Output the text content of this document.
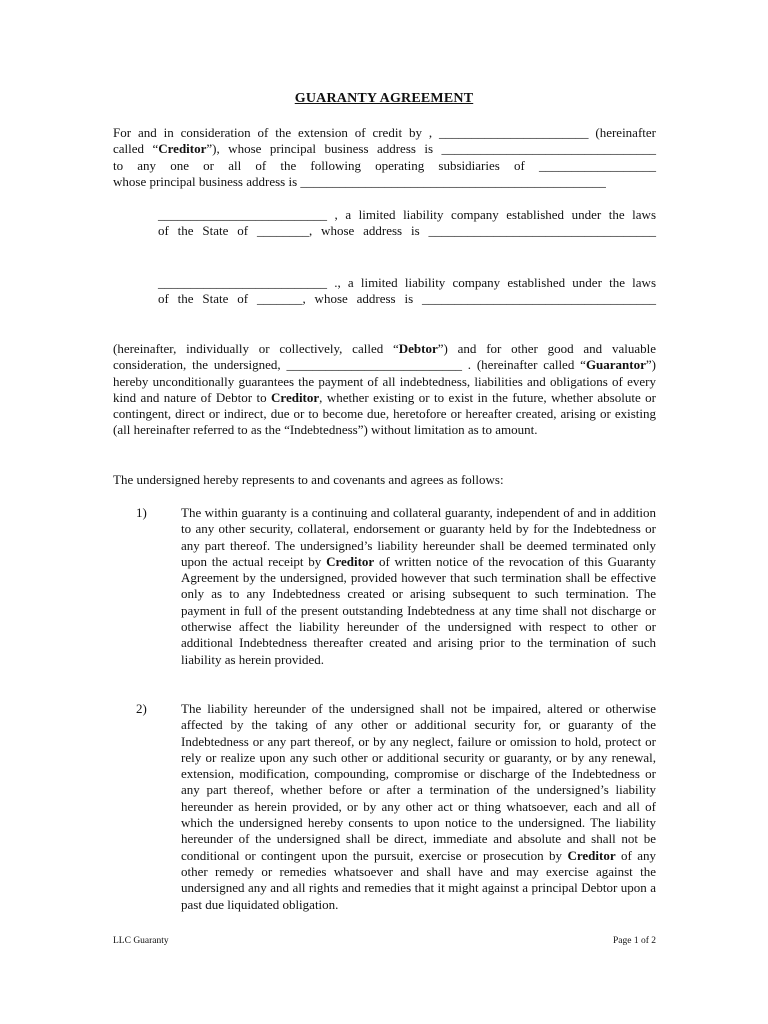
GUARANTY AGREEMENT
For and in consideration of the extension of credit by , _______________________ (hereinafter
called “Creditor”), whose principal business address is _________________________________
to any one or all of the following operating subsidiaries of __________________
whose principal business address is _______________________________________________
__________________________ , a limited liability company established under the laws
of the State of ________, whose address is ___________________________________
__________________________ ., a limited liability company established under the laws
of the State of _______, whose address is ____________________________________
(hereinafter, individually or collectively, called “Debtor”) and for other good and valuable consideration, the undersigned, ___________________________ . (hereinafter called “Guarantor”) hereby unconditionally guarantees the payment of all indebtedness, liabilities and obligations of every kind and nature of Debtor to Creditor, whether existing or to exist in the future, whether absolute or contingent, direct or indirect, due or to become due, heretofore or hereafter created, arising or existing (all hereinafter referred to as the “Indebtedness”) without limitation as to amount.
The undersigned hereby represents to and covenants and agrees as follows:
1)	The within guaranty is a continuing and collateral guaranty, independent of and in addition to any other security, collateral, endorsement or guaranty held by for the Indebtedness or any part thereof. The undersigned’s liability hereunder shall be deemed terminated only upon the actual receipt by Creditor of written notice of the revocation of this Guaranty Agreement by the undersigned, provided however that such termination shall be effective only as to any Indebtedness created or arising subsequent to such termination. The payment in full of the present outstanding Indebtedness at any time shall not discharge or otherwise affect the liability hereunder of the undersigned with respect to other or additional Indebtedness thereafter created and arising prior to the termination of such liability as herein provided.
2)	The liability hereunder of the undersigned shall not be impaired, altered or otherwise affected by the taking of any other or additional security for, or guaranty of the Indebtedness or any part thereof, or by any neglect, failure or omission to hold, protect or rely or realize upon any such other or additional security or guaranty, or by any renewal, extension, modification, compounding, compromise or discharge of the Indebtedness or any part thereof, whether before or after a termination of the undersigned’s liability hereunder as herein provided, or by any other act or thing whatsoever, each and all of which the undersigned hereby consents to upon notice to the undersigned. The liability hereunder of the undersigned shall be direct, immediate and absolute and shall not be conditional or contingent upon the pursuit, exercise or prosecution by Creditor of any other remedy or remedies whatsoever and shall have and may exercise against the undersigned any and all rights and remedies that it might against a principal Debtor upon a past due liquidated obligation.
LLC Guaranty	Page 1 of 2
